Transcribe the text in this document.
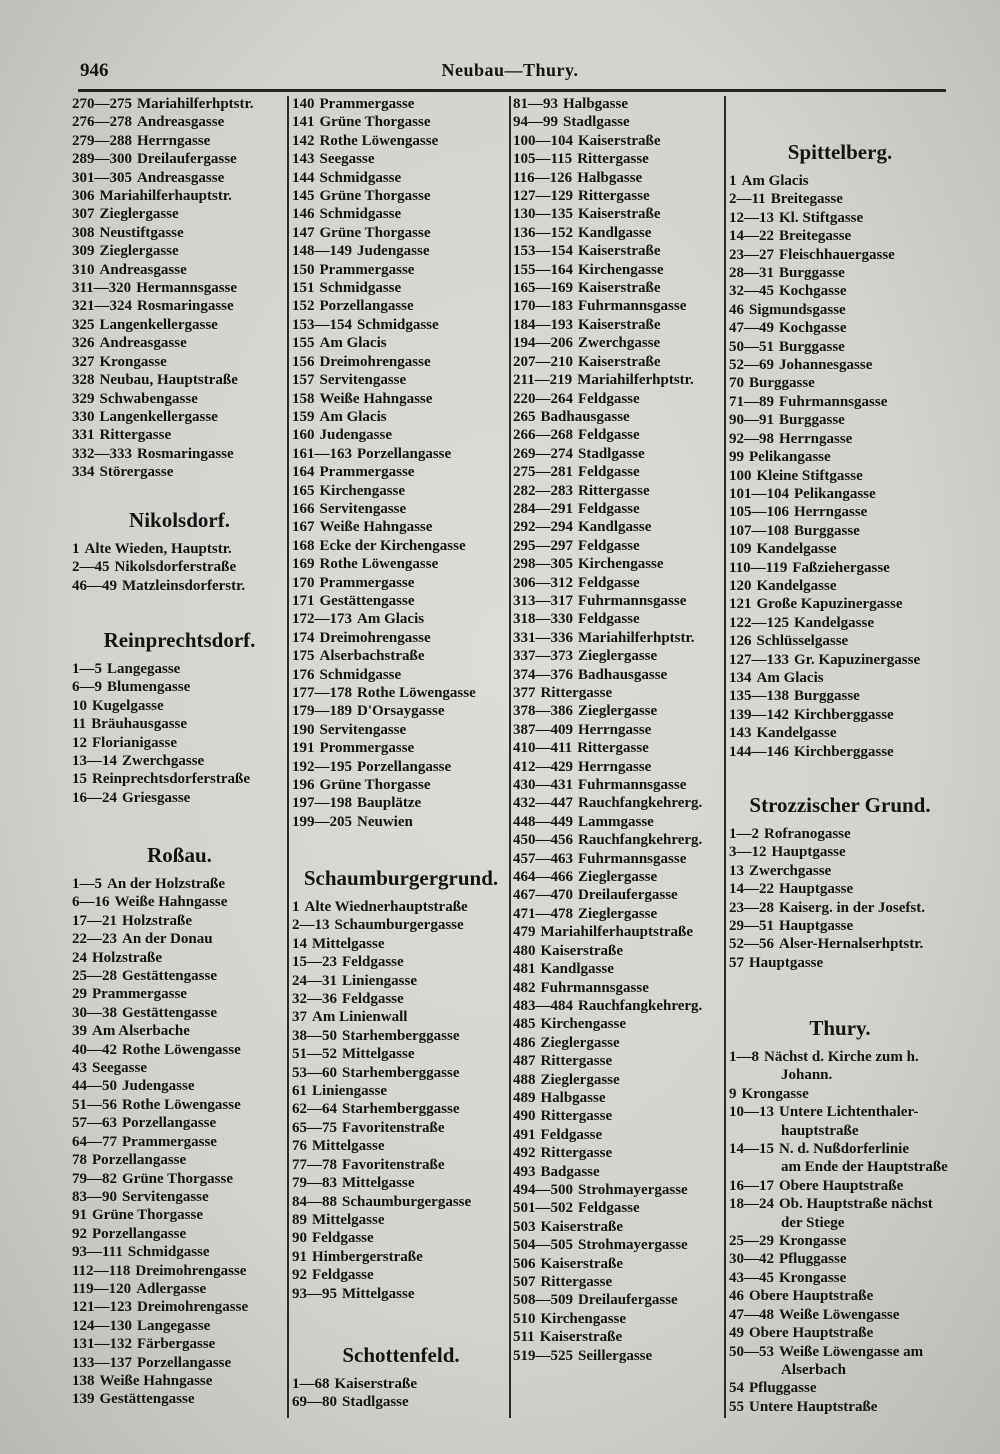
946	Neubau—Thury.
270—275 Mariahilferhptstr.
276—278 Andreasgasse
279—288 Herrngasse
289—300 Dreilaufergasse
301—305 Andreasgasse
306 Mariahilferhauptstr.
307 Zieglergasse
308 Neustiftgasse
309 Zieglergasse
310 Andreasgasse
311—320 Hermannsgasse
321—324 Rosmaringasse
325 Langenkellergasse
326 Andreasgasse
327 Krongasse
328 Neubau, Hauptstraße
329 Schwabengasse
330 Langenkellergasse
331 Rittergasse
332—333 Rosmaringasse
334 Störergasse
Nikolsdorf.
1 Alte Wieden, Hauptstr.
2—45 Nikolsdorferstraße
46—49 Matzleinsdorferstr.
Reinprechtsdorf.
1—5 Langegasse
6—9 Blumengasse
10 Kugelgasse
11 Bräuhausgasse
12 Florianigasse
13—14 Zwerchgasse
15 Reinprechtsdorferstraße
16—24 Griesgasse
Roßau.
1—5 An der Holzstraße
6—16 Weiße Hahngasse
17—21 Holzstraße
22—23 An der Donau
24 Holzstraße
25—28 Gestättengasse
29 Prammergasse
30—38 Gestättengasse
39 Am Alserbache
40—42 Rothe Löwengasse
43 Seegasse
44—50 Judengasse
51—56 Rothe Löwengasse
57—63 Porzellangasse
64—77 Prammergasse
78 Porzellangasse
79—82 Grüne Thorgasse
83—90 Servitengasse
91 Grüne Thorgasse
92 Porzellangasse
93—111 Schmidgasse
112—118 Dreimohrengasse
119—120 Adlergasse
121—123 Dreimohrengasse
124—130 Langegasse
131—132 Färbergasse
133—137 Porzellangasse
138 Weiße Hahngasse
139 Gestättengasse
140 Prammergasse
141 Grüne Thorgasse
142 Rothe Löwengasse
143 Seegasse
144 Schmidgasse
145 Grüne Thorgasse
146 Schmidgasse
147 Grüne Thorgasse
148—149 Judengasse
150 Prammergasse
151 Schmidgasse
152 Porzellangasse
153—154 Schmidgasse
155 Am Glacis
156 Dreimohrengasse
157 Servitengasse
158 Weiße Hahngasse
159 Am Glacis
160 Judengasse
161—163 Porzellangasse
164 Prammergasse
165 Kirchengasse
166 Servitengasse
167 Weiße Hahngasse
168 Ecke der Kirchengasse
169 Rothe Löwengasse
170 Prammergasse
171 Gestättengasse
172—173 Am Glacis
174 Dreimohrengasse
175 Alserbachstraße
176 Schmidgasse
177—178 Rothe Löwengasse
179—189 D'Orsaygasse
190 Servitengasse
191 Prommergasse
192—195 Porzellangasse
196 Grüne Thorgasse
197—198 Bauplätze
199—205 Neuwien
Schaumburgergrund.
1 Alte Wiednerhauptstraße
2—13 Schaumburgergasse
14 Mittelgasse
15—23 Feldgasse
24—31 Liniengasse
32—36 Feldgasse
37 Am Linienwall
38—50 Starhemberggasse
51—52 Mittelgasse
53—60 Starhemberggasse
61 Liniengasse
62—64 Starhemberggasse
65—75 Favoritenstraße
76 Mittelgasse
77—78 Favoritenstraße
79—83 Mittelgasse
84—88 Schaumburgergasse
89 Mittelgasse
90 Feldgasse
91 Himbergerstraße
92 Feldgasse
93—95 Mittelgasse
Schottenfeld.
1—68 Kaiserstraße
69—80 Stadlgasse
81—93 Halbgasse
94—99 Stadlgasse
100—104 Kaiserstraße
105—115 Rittergasse
116—126 Halbgasse
127—129 Rittergasse
130—135 Kaiserstraße
136—152 Kandlgasse
153—154 Kaiserstraße
155—164 Kirchengasse
165—169 Kaiserstraße
170—183 Fuhrmannsgasse
184—193 Kaiserstraße
194—206 Zwerchgasse
207—210 Kaiserstraße
211—219 Mariahilferhptstr.
220—264 Feldgasse
265 Badhausgasse
266—268 Feldgasse
269—274 Stadlgasse
275—281 Feldgasse
282—283 Rittergasse
284—291 Feldgasse
292—294 Kandlgasse
295—297 Feldgasse
298—305 Kirchengasse
306—312 Feldgasse
313—317 Fuhrmannsgasse
318—330 Feldgasse
331—336 Mariahilferhptstr.
337—373 Zieglergasse
374—376 Badhausgasse
377 Rittergasse
378—386 Zieglergasse
387—409 Herrngasse
410—411 Rittergasse
412—429 Herrngasse
430—431 Fuhrmannsgasse
432—447 Rauchfangkehrerg.
448—449 Lammgasse
450—456 Rauchfangkehrerg.
457—463 Fuhrmannsgasse
464—466 Zieglergasse
467—470 Dreilaufergasse
471—478 Zieglergasse
479 Mariahilferhauptstraße
480 Kaiserstraße
481 Kandlgasse
482 Fuhrmannsgasse
483—484 Rauchfangkehrerg.
485 Kirchengasse
486 Zieglergasse
487 Rittergasse
488 Zieglergasse
489 Halbgasse
490 Rittergasse
491 Feldgasse
492 Rittergasse
493 Badgasse
494—500 Strohmayergasse
501—502 Feldgasse
503 Kaiserstraße
504—505 Strohmayergasse
506 Kaiserstraße
507 Rittergasse
508—509 Dreilaufergasse
510 Kirchengasse
511 Kaiserstraße
519—525 Seillergasse
Spittelberg.
1 Am Glacis
2—11 Breitegasse
12—13 Kl. Stiftgasse
14—22 Breitegasse
23—27 Fleischhauergasse
28—31 Burggasse
32—45 Kochgasse
46 Sigmundsgasse
47—49 Kochgasse
50—51 Burggasse
52—69 Johannesgasse
70 Burggasse
71—89 Fuhrmannsgasse
90—91 Burggasse
92—98 Herrngasse
99 Pelikangasse
100 Kleine Stiftgasse
101—104 Pelikangasse
105—106 Herrngasse
107—108 Burggasse
109 Kandelgasse
110—119 Faßziehergasse
120 Kandelgasse
121 Große Kapuzinergasse
122—125 Kandelgasse
126 Schlüsselgasse
127—133 Gr. Kapuzinergasse
134 Am Glacis
135—138 Burggasse
139—142 Kirchberggasse
143 Kandelgasse
144—146 Kirchberggasse
Strozzischer Grund.
1—2 Rofranogasse
3—12 Hauptgasse
13 Zwerchgasse
14—22 Hauptgasse
23—28 Kaiserg. in der Josefst.
29—51 Hauptgasse
52—56 Alser-Hernalserhptstr.
57 Hauptgasse
Thury.
1—8 Nächst d. Kirche zum h.
Johann.
9 Krongasse
10—13 Untere Lichtenthaler-
hauptstraße
14—15 N. d. Nußdorferlinie
am Ende der Hauptstraße
16—17 Obere Hauptstraße
18—24 Ob. Hauptstraße nächst
der Stiege
25—29 Krongasse
30—42 Pfluggasse
43—45 Krongasse
46 Obere Hauptstraße
47—48 Weiße Löwengasse
49 Obere Hauptstraße
50—53 Weiße Löwengasse am
Alserbach
54 Pfluggasse
55 Untere Hauptstraße
